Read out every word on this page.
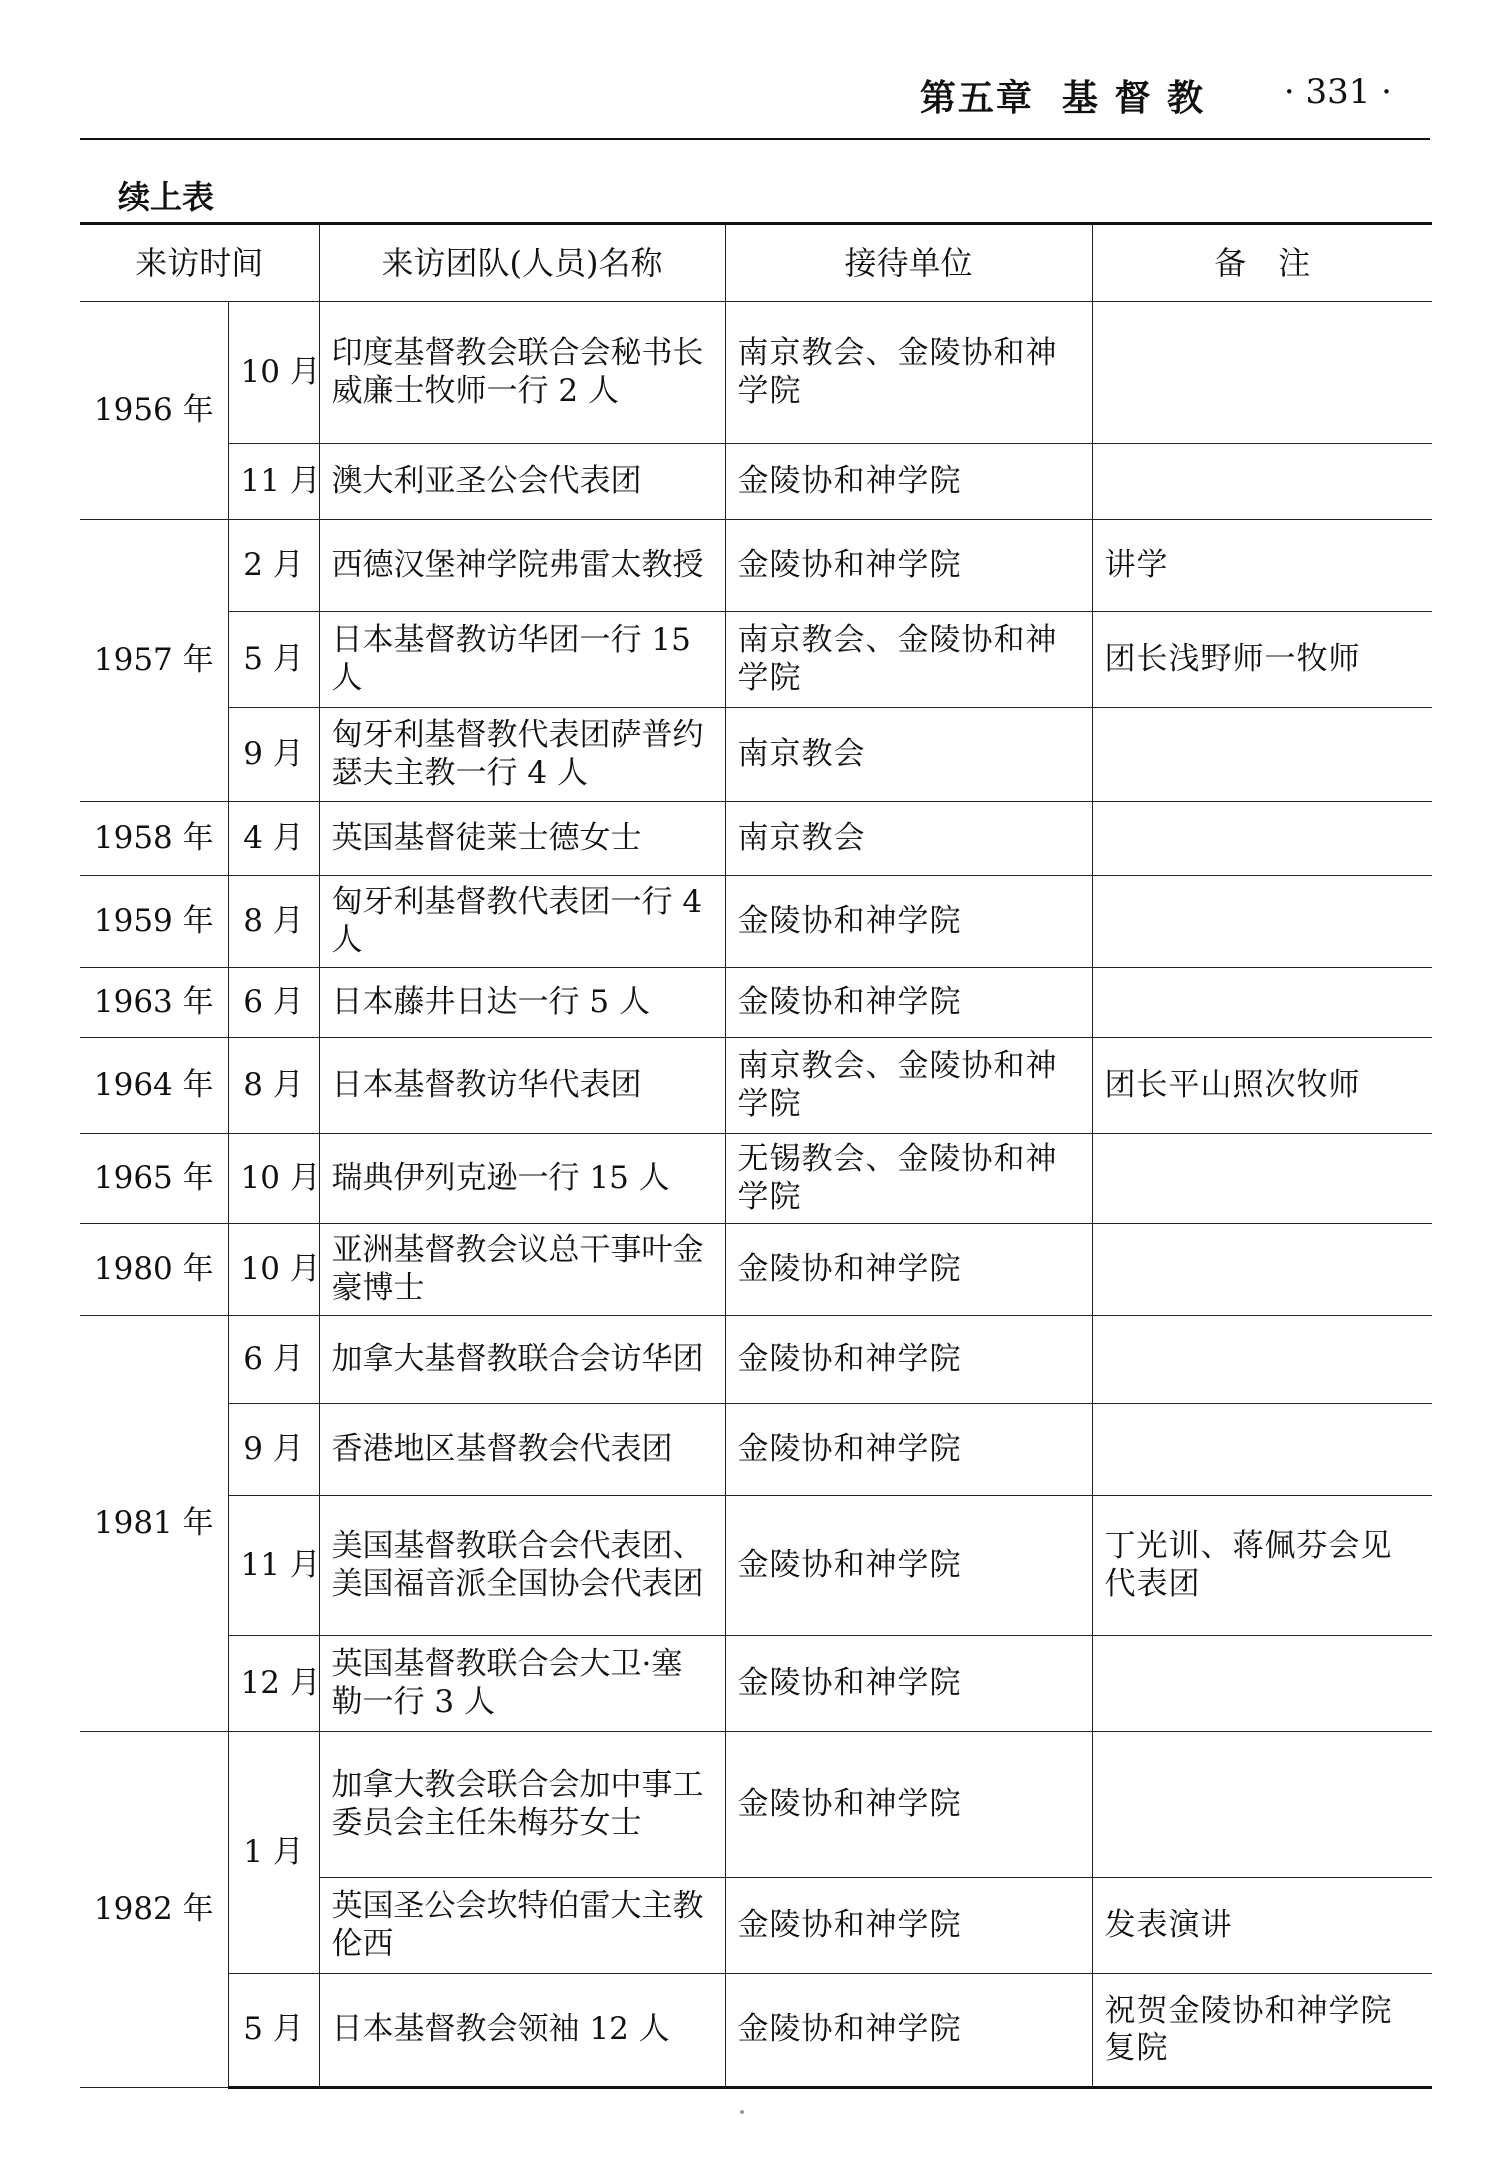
第五章 基 督 教 · 331 ·
续上表
来访时间		来访团队(人员)名称	接待单位	备　注
1956 年	10 月	印度基督教会联合会秘书长威廉士牧师一行 2 人	南京教会、金陵协和神学院	
	11 月	澳大利亚圣公会代表团	金陵协和神学院	
1957 年	2 月	西德汉堡神学院弗雷太教授	金陵协和神学院	讲学
	5 月	日本基督教访华团一行 15 人	南京教会、金陵协和神学院	团长浅野师一牧师
	9 月	匈牙利基督教代表团萨普约瑟夫主教一行 4 人	南京教会	
1958 年	4 月	英国基督徒莱士德女士	南京教会	
1959 年	8 月	匈牙利基督教代表团一行 4 人	金陵协和神学院	
1963 年	6 月	日本藤井日达一行 5 人	金陵协和神学院	
1964 年	8 月	日本基督教访华代表团	南京教会、金陵协和神学院	团长平山照次牧师
1965 年	10 月	瑞典伊列克逊一行 15 人	无锡教会、金陵协和神学院	
1980 年	10 月	亚洲基督教会议总干事叶金豪博士	金陵协和神学院	
1981 年	6 月	加拿大基督教联合会访华团	金陵协和神学院	
	9 月	香港地区基督教会代表团	金陵协和神学院	
	11 月	美国基督教联合会代表团、美国福音派全国协会代表团	金陵协和神学院	丁光训、蒋佩芬会见代表团
	12 月	英国基督教联合会大卫·塞勒一行 3 人	金陵协和神学院	
1982 年	1 月	加拿大教会联合会加中事工委员会主任朱梅芬女士	金陵协和神学院	
		英国圣公会坎特伯雷大主教伦西	金陵协和神学院	发表演讲
	5 月	日本基督教会领袖 12 人	金陵协和神学院	祝贺金陵协和神学院复院
